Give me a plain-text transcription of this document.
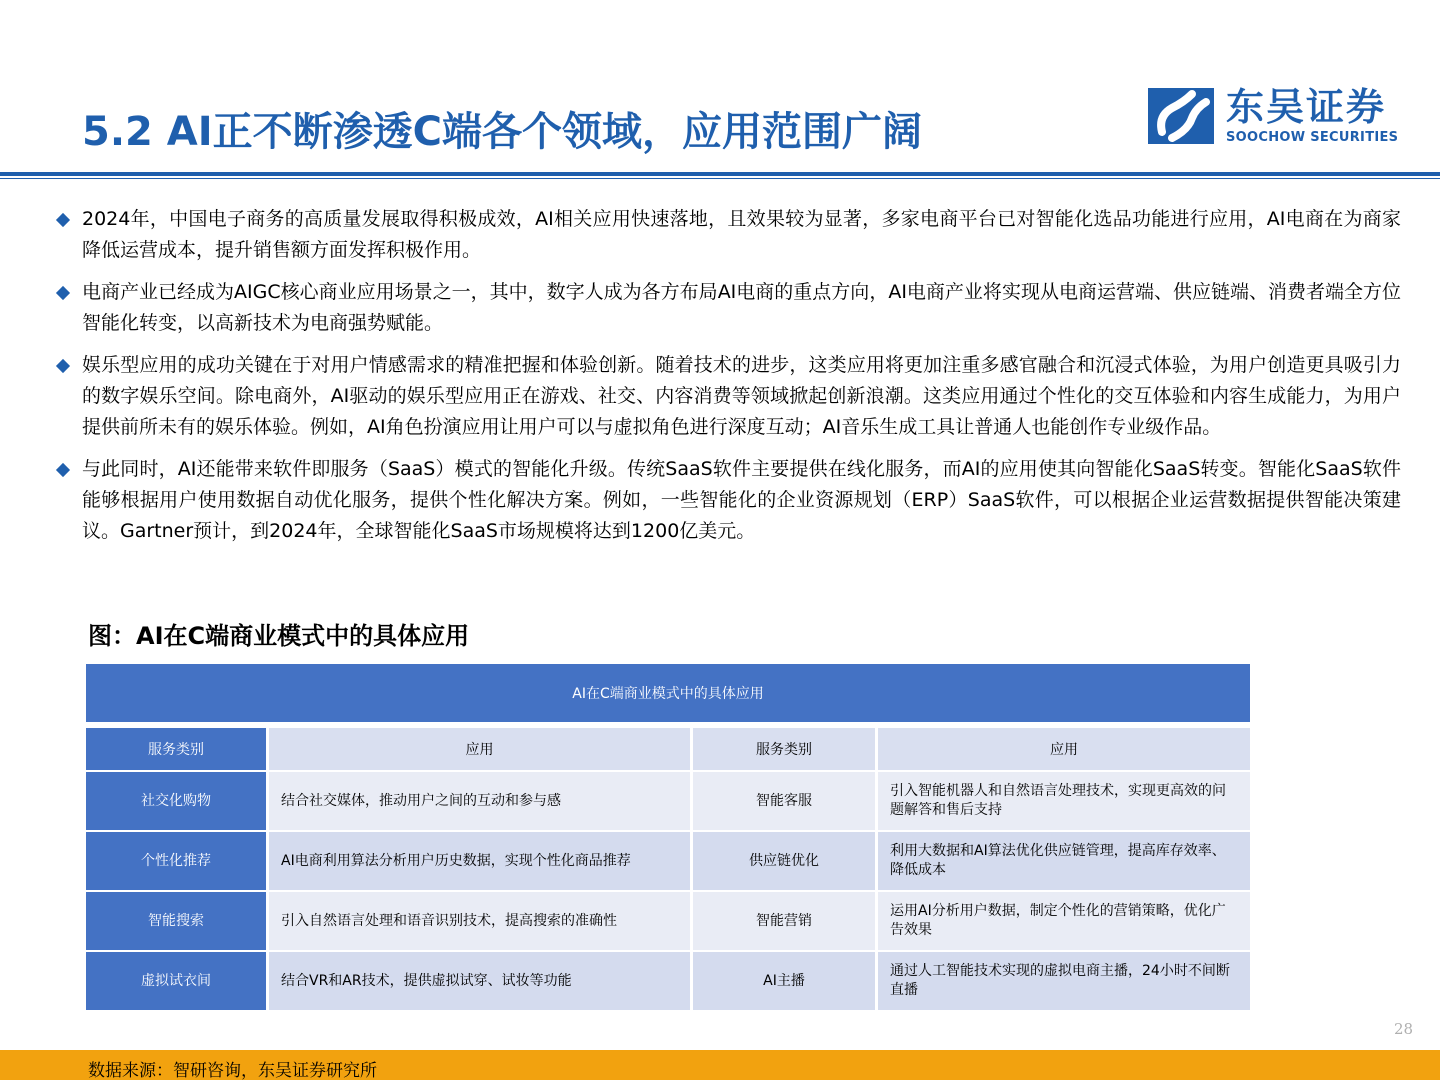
5.2 AI正不断渗透C端各个领域，应用范围广阔
东吴证券
SOOCHOW SECURITIES
2024年，中国电子商务的高质量发展取得积极成效，AI相关应用快速落地，且效果较为显著，多家电商平台已对智能化选品功能进行应用，AI电商在为商家降低运营成本，提升销售额方面发挥积极作用。
电商产业已经成为AIGC核心商业应用场景之一，其中，数字人成为各方布局AI电商的重点方向，AI电商产业将实现从电商运营端、供应链端、消费者端全方位智能化转变，以高新技术为电商强势赋能。
娱乐型应用的成功关键在于对用户情感需求的精准把握和体验创新。随着技术的进步，这类应用将更加注重多感官融合和沉浸式体验，为用户创造更具吸引力的数字娱乐空间。除电商外，AI驱动的娱乐型应用正在游戏、社交、内容消费等领域掀起创新浪潮。这类应用通过个性化的交互体验和内容生成能力，为用户提供前所未有的娱乐体验。例如，AI角色扮演应用让用户可以与虚拟角色进行深度互动；AI音乐生成工具让普通人也能创作专业级作品。
与此同时，AI还能带来软件即服务（SaaS）模式的智能化升级。传统SaaS软件主要提供在线化服务，而AI的应用使其向智能化SaaS转变。智能化SaaS软件能够根据用户使用数据自动优化服务，提供个性化解决方案。例如，一些智能化的企业资源规划（ERP）SaaS软件，可以根据企业运营数据提供智能决策建议。Gartner预计，到2024年，全球智能化SaaS市场规模将达到1200亿美元。
图：AI在C端商业模式中的具体应用
AI在C端商业模式中的具体应用			
服务类别	应用	服务类别	应用
社交化购物	结合社交媒体，推动用户之间的互动和参与感	智能客服	引入智能机器人和自然语言处理技术，实现更高效的问题解答和售后支持
个性化推荐	AI电商利用算法分析用户历史数据，实现个性化商品推荐	供应链优化	利用大数据和AI算法优化供应链管理，提高库存效率、降低成本
智能搜索	引入自然语言处理和语音识别技术，提高搜索的准确性	智能营销	运用AI分析用户数据，制定个性化的营销策略，优化广告效果
虚拟试衣间	结合VR和AR技术，提供虚拟试穿、试妆等功能	AI主播	通过人工智能技术实现的虚拟电商主播，24小时不间断直播
28
数据来源：智研咨询，东吴证券研究所
